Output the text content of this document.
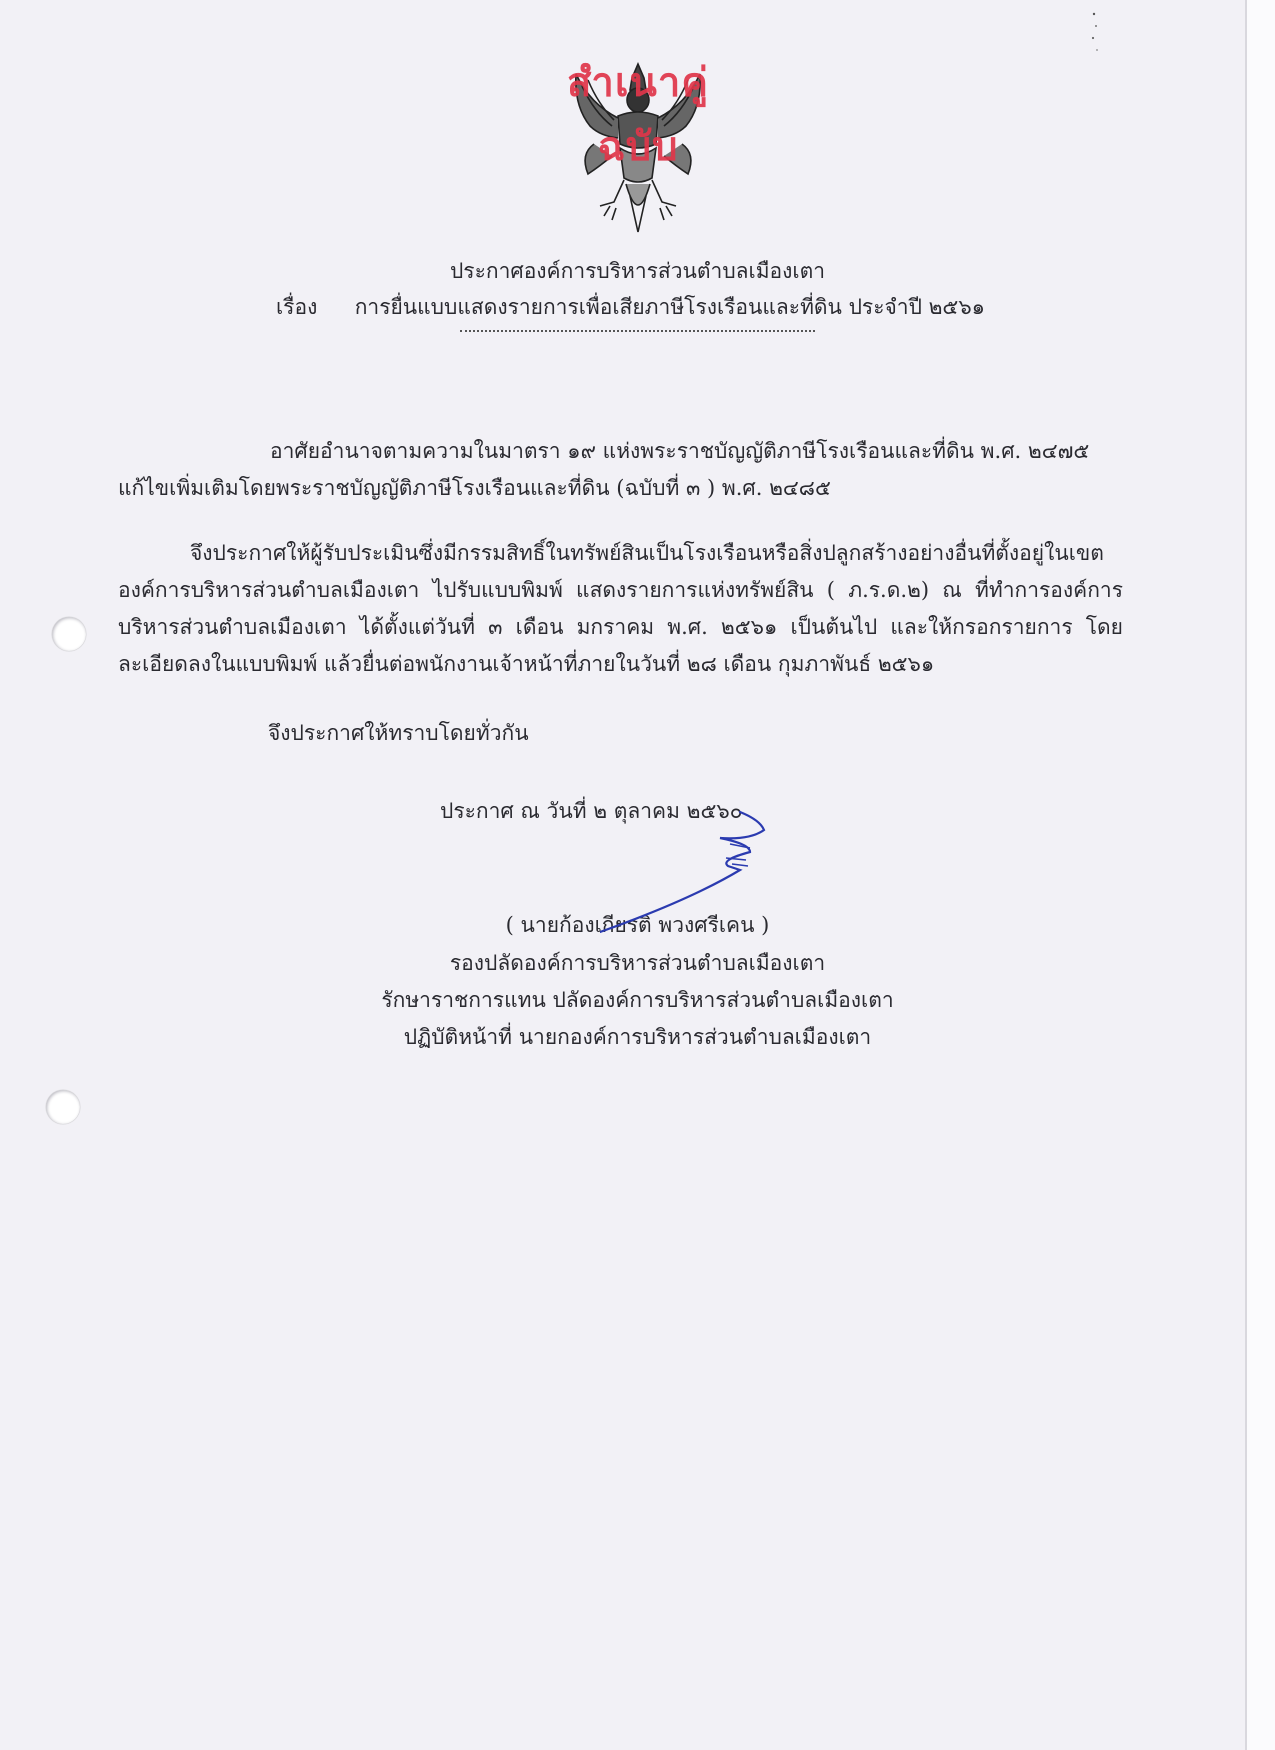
สำเนาคู่ฉบับ
ประกาศองค์การบริหารส่วนตำบลเมืองเตา
เรื่อง การยื่นแบบแสดงรายการเพื่อเสียภาษีโรงเรือนและที่ดิน ประจำปี ๒๕๖๑
อาศัยอำนาจตามความในมาตรา ๑๙ แห่งพระราชบัญญัติภาษีโรงเรือนและที่ดิน พ.ศ. ๒๔๗๕
แก้ไขเพิ่มเติมโดยพระราชบัญญัติภาษีโรงเรือนและที่ดิน (ฉบับที่ ๓ ) พ.ศ. ๒๔๘๕
จึงประกาศให้ผู้รับประเมินซึ่งมีกรรมสิทธิ์ในทรัพย์สินเป็นโรงเรือนหรือสิ่งปลูกสร้างอย่างอื่นที่ตั้งอยู่ในเขตองค์การบริหารส่วนตำบลเมืองเตา ไปรับแบบพิมพ์ แสดงรายการแห่งทรัพย์สิน ( ภ.ร.ด.๒) ณ ที่ทำการองค์การบริหารส่วนตำบลเมืองเตา ได้ตั้งแต่วันที่ ๓ เดือน มกราคม พ.ศ. ๒๕๖๑ เป็นต้นไป และให้กรอกรายการ โดยละเอียดลงในแบบพิมพ์ แล้วยื่นต่อพนักงานเจ้าหน้าที่ภายในวันที่ ๒๘ เดือน กุมภาพันธ์ ๒๕๖๑
จึงประกาศให้ทราบโดยทั่วกัน
ประกาศ ณ วันที่ ๒ ตุลาคม ๒๕๖๐
( นายก้องเกียรติ พวงศรีเคน )
รองปลัดองค์การบริหารส่วนตำบลเมืองเตา
รักษาราชการแทน ปลัดองค์การบริหารส่วนตำบลเมืองเตา
ปฏิบัติหน้าที่ นายกองค์การบริหารส่วนตำบลเมืองเตา
